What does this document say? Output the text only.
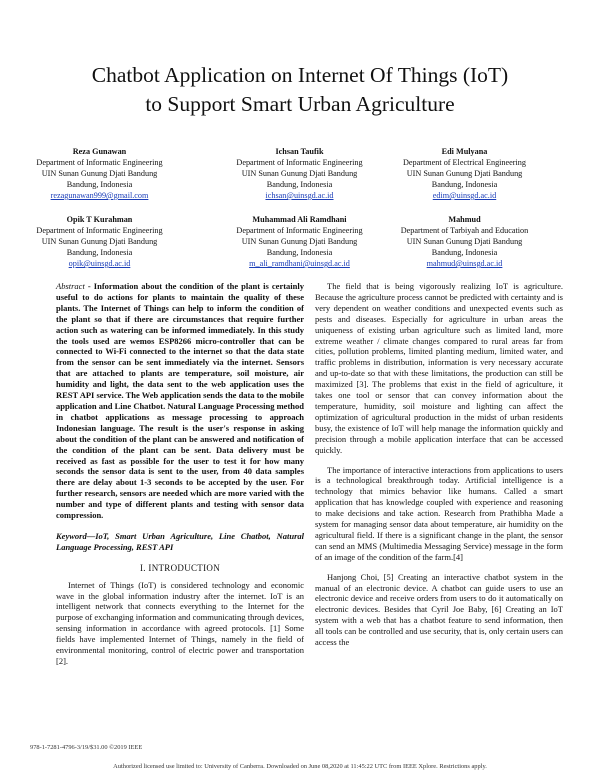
Chatbot Application on Internet Of Things (IoT)
to Support Smart Urban Agriculture
Reza Gunawan
Department of Informatic Engineering
UIN Sunan Gunung Djati Bandung
Bandung, Indonesia
rezagunawan999@gmail.com
Ichsan Taufik
Department of Informatic Engineering
UIN Sunan Gunung Djati Bandung
Bandung, Indonesia
ichsan@uinsgd.ac.id
Edi Mulyana
Department of Electrical Engineering
UIN Sunan Gunung Djati Bandung
Bandung, Indonesia
edim@uinsgd.ac.id
Opik T Kurahman
Department of Informatic Engineering
UIN Sunan Gunung Djati Bandung
Bandung, Indonesia
opik@uinsgd.ac.id
Muhammad Ali Ramdhani
Department of Informatic Engineering
UIN Sunan Gunung Djati Bandung
Bandung, Indonesia
m_ali_ramdhani@uinsgd.ac.id
Mahmud
Department of Tarbiyah and Education
UIN Sunan Gunung Djati Bandung
Bandung, Indonesia
mahmud@uinsgd.ac.id
Abstract - Information about the condition of the plant is certainly useful to do actions for plants to maintain the quality of these plants. The Internet of Things can help to inform the condition of the plant so that if there are circumstances that require further action such as watering can be informed immediately. In this study the tools used are wemos ESP8266 micro-controller that can be connected to Wi-Fi connected to the internet so that the data state from the sensor can be sent immediately via the internet. Sensors that are attached to plants are temperature, soil moisture, air humidity and light, the data sent to the web application uses the REST API service. The Web application sends the data to the mobile application and Line Chatbot. Natural Language Processing method in chatbot applications as message processing to approach Indonesian language. The result is the user's response in asking about the condition of the plant can be answered and notification of the condition of the plant can be sent. Data delivery must be received as fast as possible for the user to test it for how many seconds the sensor data is sent to the user, from 40 data samples there are delay about 1-3 seconds to be accepted by the user. For further research, sensors are needed which are more varied with the number and type of different plants and testing with sensor data compression.
Keyword—IoT, Smart Urban Agriculture, Line Chatbot, Natural Language Processing, REST API
I. INTRODUCTION

Internet of Things (IoT) is considered technology and economic wave in the global information industry after the internet. IoT is an intelligent network that connects everything to the Internet for the purpose of exchanging information and communicating through devices, sensing information in accordance with agreed protocols. [1] Some fields have implemented Internet of Things, namely in the field of environmental monitoring, control of electric power and transportation [2].

The field that is being vigorously realizing IoT is agriculture. Because the agriculture process cannot be predicted with certainty and is very dependent on weather conditions and unexpected events such as pests and diseases. Especially for agriculture in urban areas the uniqueness of existing urban agriculture such as limited land, more extreme weather / climate changes compared to rural areas far from cities, pollution problems, limited planting medium, limited water, and traffic problems in distribution, information is very necessary accurate and up-to-date so that with these limitations, the production can still be maximized [3]. The problems that exist in the field of agriculture, it takes one tool or sensor that can convey information about the temperature, humidity, soil moisture and lighting can affect the optimization of agricultural production in the midst of urban residents busy, the existence of IoT will help manage the information quickly and precision through a mobile application interface that can be accessed quickly.

The importance of interactive interactions from applications to users is a technological breakthrough today. Artificial intelligence is a technology that mimics behavior like humans. Called a smart application that has knowledge coupled with experience and reasoning to make decisions and take action. Research from Prathibha Made a system for managing sensor data about temperature, air humidity on the agricultural field. If there is a significant change in the plant, the sensor can send an MMS (Multimedia Messaging Service) message in the form of an image of the condition of the farm.[4]

Hanjong Choi, [5] Creating an interactive chatbot system in the manual of an electronic device. A chatbot can guide users to use an electronic device and receive orders from users to do it automatically on electronic devices. Besides that Cyril Joe Baby, [6] Creating an IoT system with a web that has a chatbot feature to send information, then all tools can be controlled and use security, that is, only certain users can access the

978-1-7281-4796-3/19/$31.00 ©2019 IEEE
Authorized licensed use limited to: University of Canberra. Downloaded on June 08,2020 at 11:45:22 UTC from IEEE Xplore. Restrictions apply.
